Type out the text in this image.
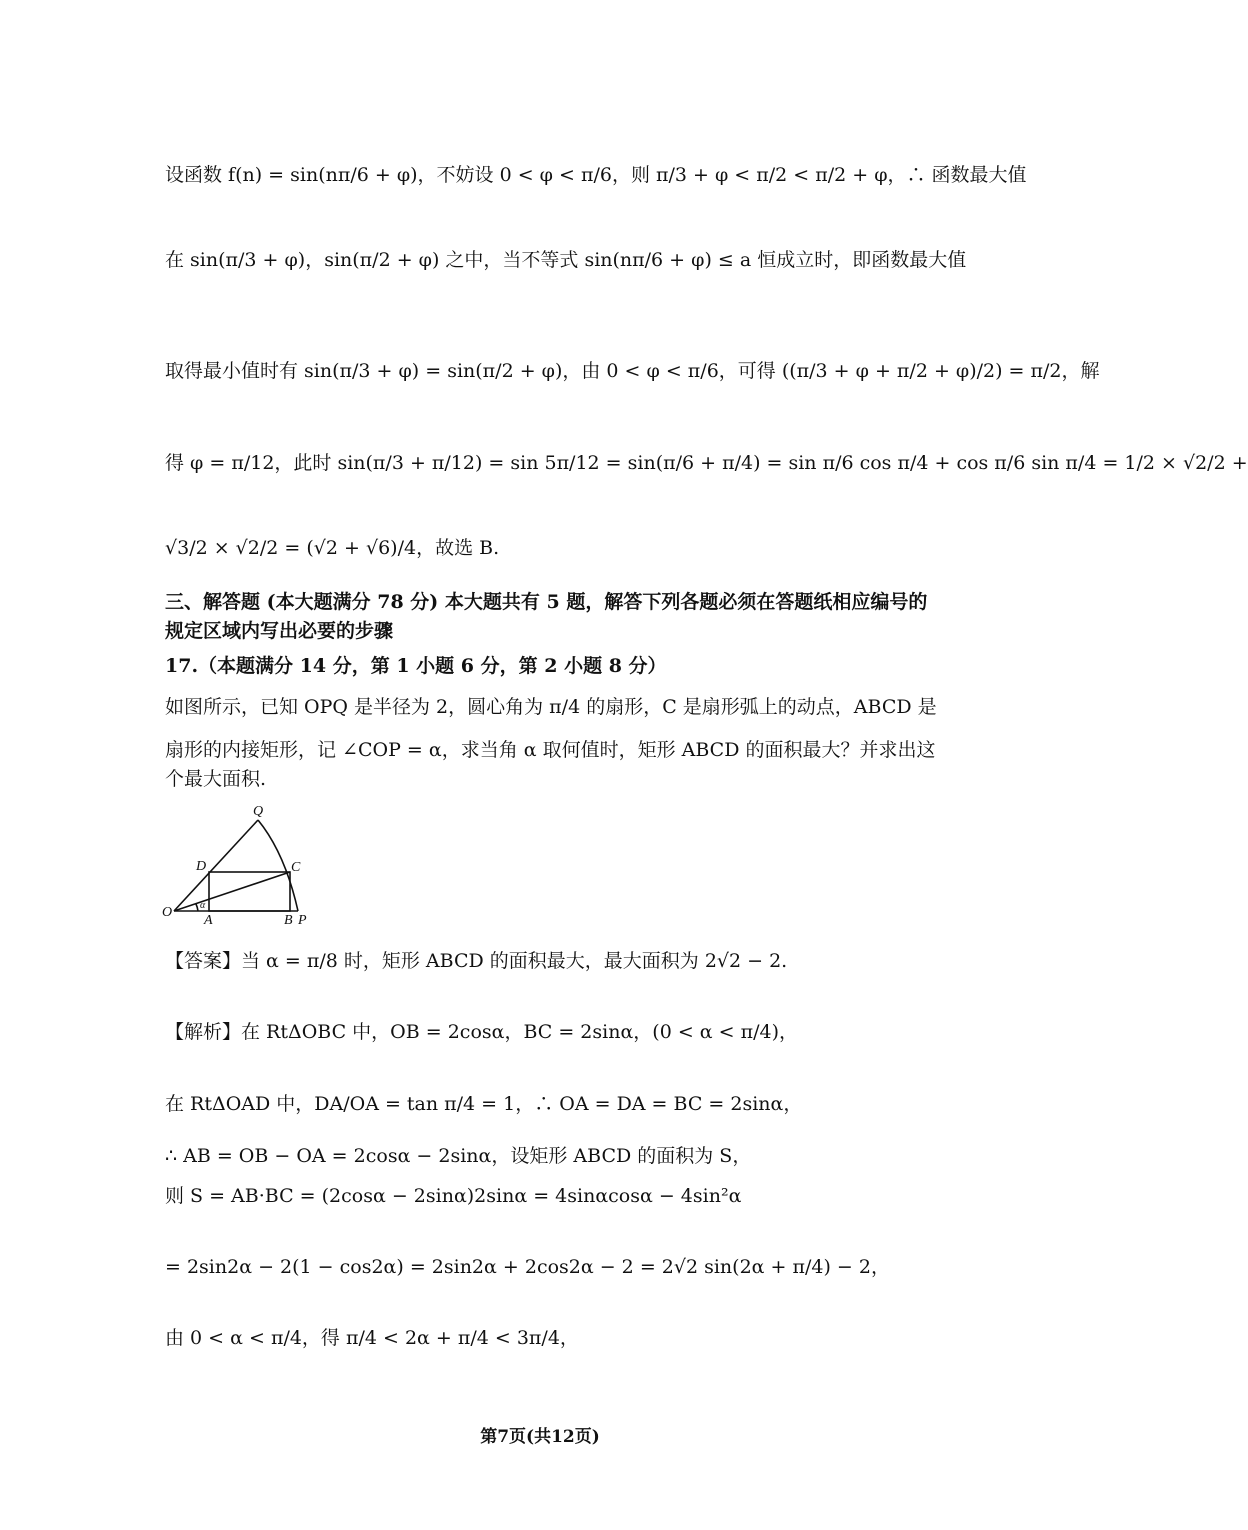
设函数 f(n) = sin(nπ/6 + φ)，不妨设 0 < φ < π/6，则 π/3 + φ < π/2 < π/2 + φ，∴ 函数最大值
在 sin(π/3 + φ)，sin(π/2 + φ) 之中，当不等式 sin(nπ/6 + φ) ≤ a 恒成立时，即函数最大值
取得最小值时有 sin(π/3 + φ) = sin(π/2 + φ)，由 0 < φ < π/6，可得 ((π/3 + φ + π/2 + φ)/2) = π/2，解
得 φ = π/12，此时 sin(π/3 + π/12) = sin 5π/12 = sin(π/6 + π/4) = sin π/6 cos π/4 + cos π/6 sin π/4 = 1/2 × √2/2 +
√3/2 × √2/2 = (√2 + √6)/4，故选 B.
三、解答题 (本大题满分 78 分) 本大题共有 5 题，解答下列各题必须在答题纸相应编号的
规定区域内写出必要的步骤
17.（本题满分 14 分，第 1 小题 6 分，第 2 小题 8 分）
如图所示，已知 OPQ 是半径为 2，圆心角为 π/4 的扇形，C 是扇形弧上的动点，ABCD 是
扇形的内接矩形，记 ∠COP = α，求当角 α 取何值时，矩形 ABCD 的面积最大？并求出这
个最大面积.
Q
D	C
O
A	B P
α
【答案】当 α = π/8 时，矩形 ABCD 的面积最大，最大面积为 2√2 − 2.
【解析】在 RtΔOBC 中，OB = 2cosα，BC = 2sinα，(0 < α < π/4)，
在 RtΔOAD 中，DA/OA = tan π/4 = 1，∴ OA = DA = BC = 2sinα，
∴ AB = OB − OA = 2cosα − 2sinα，设矩形 ABCD 的面积为 S，
则 S = AB·BC = (2cosα − 2sinα)2sinα = 4sinαcosα − 4sin²α
= 2sin2α − 2(1 − cos2α) = 2sin2α + 2cos2α − 2 = 2√2 sin(2α + π/4) − 2，
由 0 < α < π/4，得 π/4 < 2α + π/4 < 3π/4，
第7页(共12页)
